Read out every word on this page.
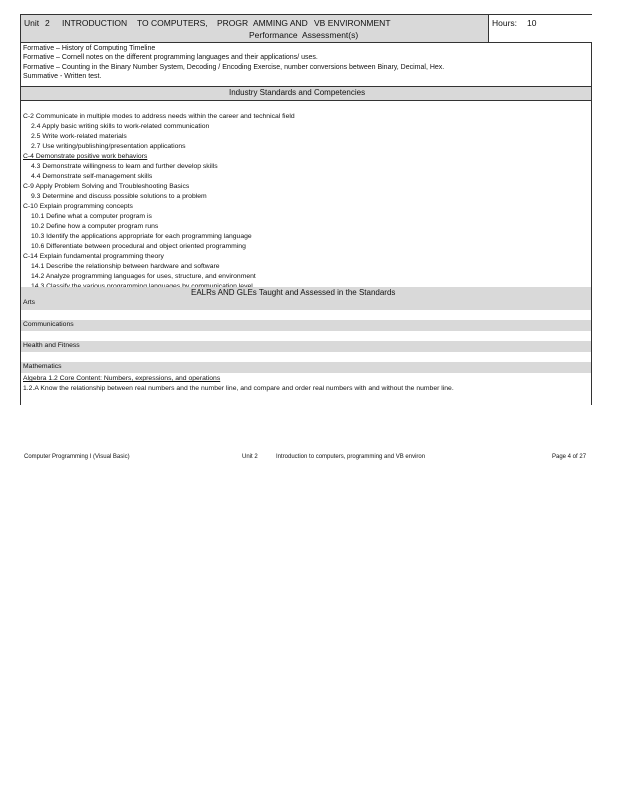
Unit 2 INTRODUCTION TO COMPUTERS, PROGR AMMING AND VB ENVIRONMENT
Performance Assessment(s)
Hours: 10
Formative – History of Computing Timeline
Formative – Cornell notes on the different programming languages and their applications/ uses.
Formative – Counting in the Binary Number System, Decoding / Encoding Exercise, number conversions between Binary, Decimal, Hex.
Summative - Written test.
Industry Standards and Competencies
C-2 Communicate in multiple modes to address needs within the career and technical field
2.4 Apply basic writing skills to work-related communication
2.5 Write work-related materials
2.7 Use writing/publishing/presentation applications
C-4 Demonstrate positive work behaviors
4.3 Demonstrate willingness to learn and further develop skills
4.4 Demonstrate self-management skills
C-9 Apply Problem Solving and Troubleshooting Basics
9.3 Determine and discuss possible solutions to a problem
C-10 Explain programming concepts
10.1 Define what a computer program is
10.2 Define how a computer program runs
10.3 Identify the applications appropriate for each programming language
10.6 Differentiate between procedural and object oriented programming
C-14 Explain fundamental programming theory
14.1 Describe the relationship between hardware and software
14.2 Analyze programming languages for uses, structure, and environment
EALRs AND GLEs Taught and Assessed in the Standards
Arts
Communications
Health and Fitness
Mathematics
Algebra 1.2 Core Content: Numbers, expressions, and operations
1.2.A Know the relationship between real numbers and the number line, and compare and order real numbers with and without the number line.
Computer Programming I (Visual Basic)	Unit 2	Introduction to computers, programming and VB environ	Page 4 of 27
